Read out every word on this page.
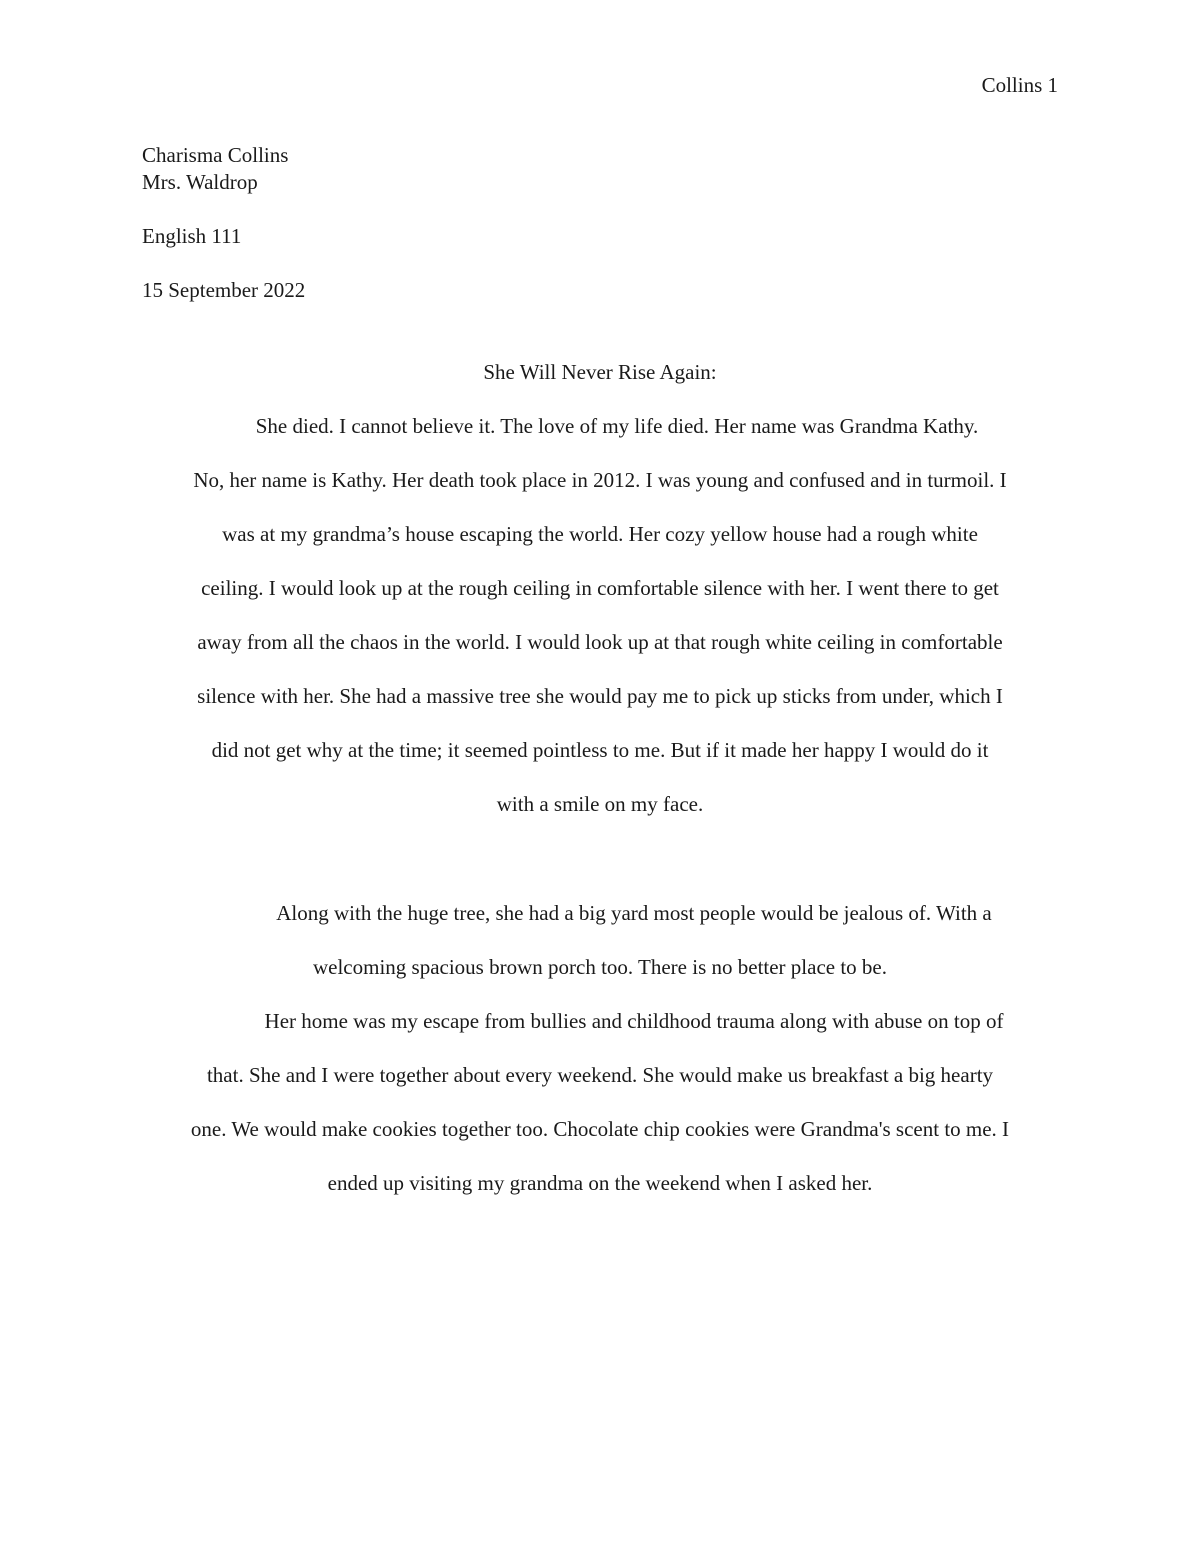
Collins 1
Charisma Collins
Mrs. Waldrop
English 111
15 September 2022
She Will Never Rise Again:
She died. I cannot believe it. The love of my life died. Her name was Grandma Kathy.
No, her name is Kathy. Her death took place in 2012. I was young and confused and in turmoil. I
was at my grandma’s house escaping the world. Her cozy yellow house had a rough white
ceiling. I would look up at the rough ceiling in comfortable silence with her. I went there to get
away from all the chaos in the world. I would look up at that rough white ceiling in comfortable
silence with her. She had a massive tree she would pay me to pick up sticks from under, which I
did not get why at the time; it seemed pointless to me. But if it made her happy I would do it
with a smile on my face.
Along with the huge tree, she had a big yard most people would be jealous of. With a
welcoming spacious brown porch too. There is no better place to be.
Her home was my escape from bullies and childhood trauma along with abuse on top of
that. She and I were together about every weekend. She would make us breakfast a big hearty
one. We would make cookies together too. Chocolate chip cookies were Grandma's scent to me. I
ended up visiting my grandma on the weekend when I asked her.
